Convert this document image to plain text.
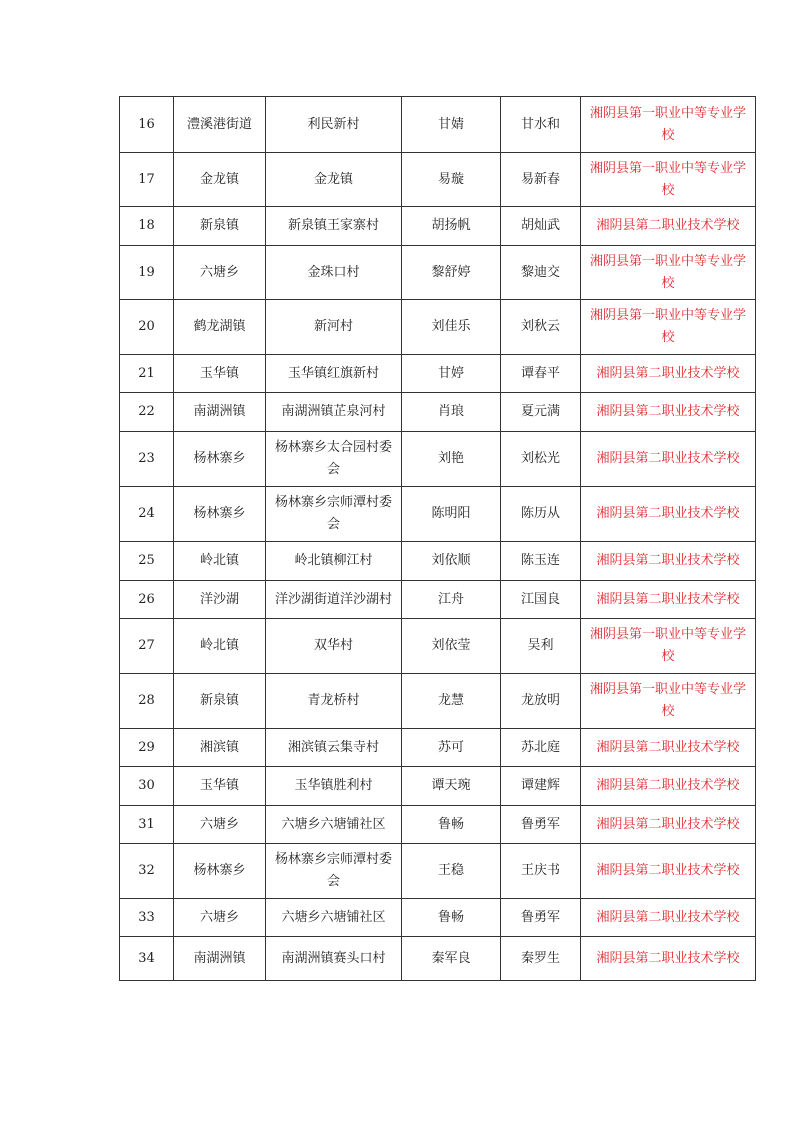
16	澧溪港街道	利民新村	甘婧	甘水和	湘阴县第一职业中等专业学校
17	金龙镇	金龙镇	易璇	易新春	湘阴县第一职业中等专业学校
18	新泉镇	新泉镇王家寨村	胡扬帆	胡灿武	湘阴县第二职业技术学校
19	六塘乡	金珠口村	黎舒婷	黎迪交	湘阴县第一职业中等专业学校
20	鹤龙湖镇	新河村	刘佳乐	刘秋云	湘阴县第一职业中等专业学校
21	玉华镇	玉华镇红旗新村	甘婷	谭春平	湘阴县第二职业技术学校
22	南湖洲镇	南湖洲镇芷泉河村	肖琅	夏元满	湘阴县第二职业技术学校
23	杨林寨乡	杨林寨乡太合园村委会	刘艳	刘松光	湘阴县第二职业技术学校
24	杨林寨乡	杨林寨乡宗师潭村委会	陈明阳	陈历从	湘阴县第二职业技术学校
25	岭北镇	岭北镇柳江村	刘依顺	陈玉连	湘阴县第二职业技术学校
26	洋沙湖	洋沙湖街道洋沙湖村	江舟	江国良	湘阴县第二职业技术学校
27	岭北镇	双华村	刘依莹	吴利	湘阴县第一职业中等专业学校
28	新泉镇	青龙桥村	龙慧	龙放明	湘阴县第一职业中等专业学校
29	湘滨镇	湘滨镇云集寺村	苏可	苏北庭	湘阴县第二职业技术学校
30	玉华镇	玉华镇胜利村	谭天琬	谭建辉	湘阴县第二职业技术学校
31	六塘乡	六塘乡六塘铺社区	鲁畅	鲁勇军	湘阴县第二职业技术学校
32	杨林寨乡	杨林寨乡宗师潭村委会	王稳	王庆书	湘阴县第二职业技术学校
33	六塘乡	六塘乡六塘铺社区	鲁畅	鲁勇军	湘阴县第二职业技术学校
34	南湖洲镇	南湖洲镇赛头口村	秦军良	秦罗生	湘阴县第二职业技术学校
